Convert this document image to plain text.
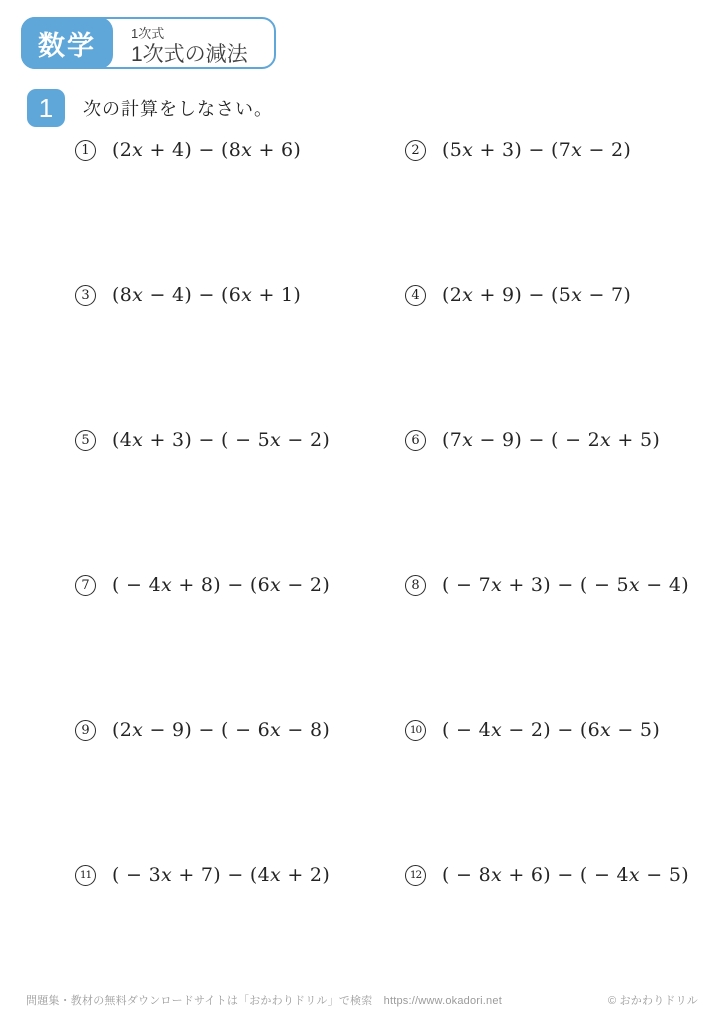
数学	1次式
1次式の減法
1	次の計算をしなさい。
1	(2x + 4) − (8x + 6)	2	(5x + 3) − (7x − 2)
3	(8x − 4) − (6x + 1)	4	(2x + 9) − (5x − 7)
5	(4x + 3) − ( − 5x − 2)	6	(7x − 9) − ( − 2x + 5)
7	( − 4x + 8) − (6x − 2)	8	( − 7x + 3) − ( − 5x − 4)
9	(2x − 9) − ( − 6x − 8)	10 ( − 4x − 2) − (6x − 5)
11 ( − 3x + 7) − (4x + 2)	12 ( − 8x + 6) − ( − 4x − 5)
問題集・教材の無料ダウンロードサイトは「おかわりドリル」で検索　https://www.okadori.net	© おかわりドリル
